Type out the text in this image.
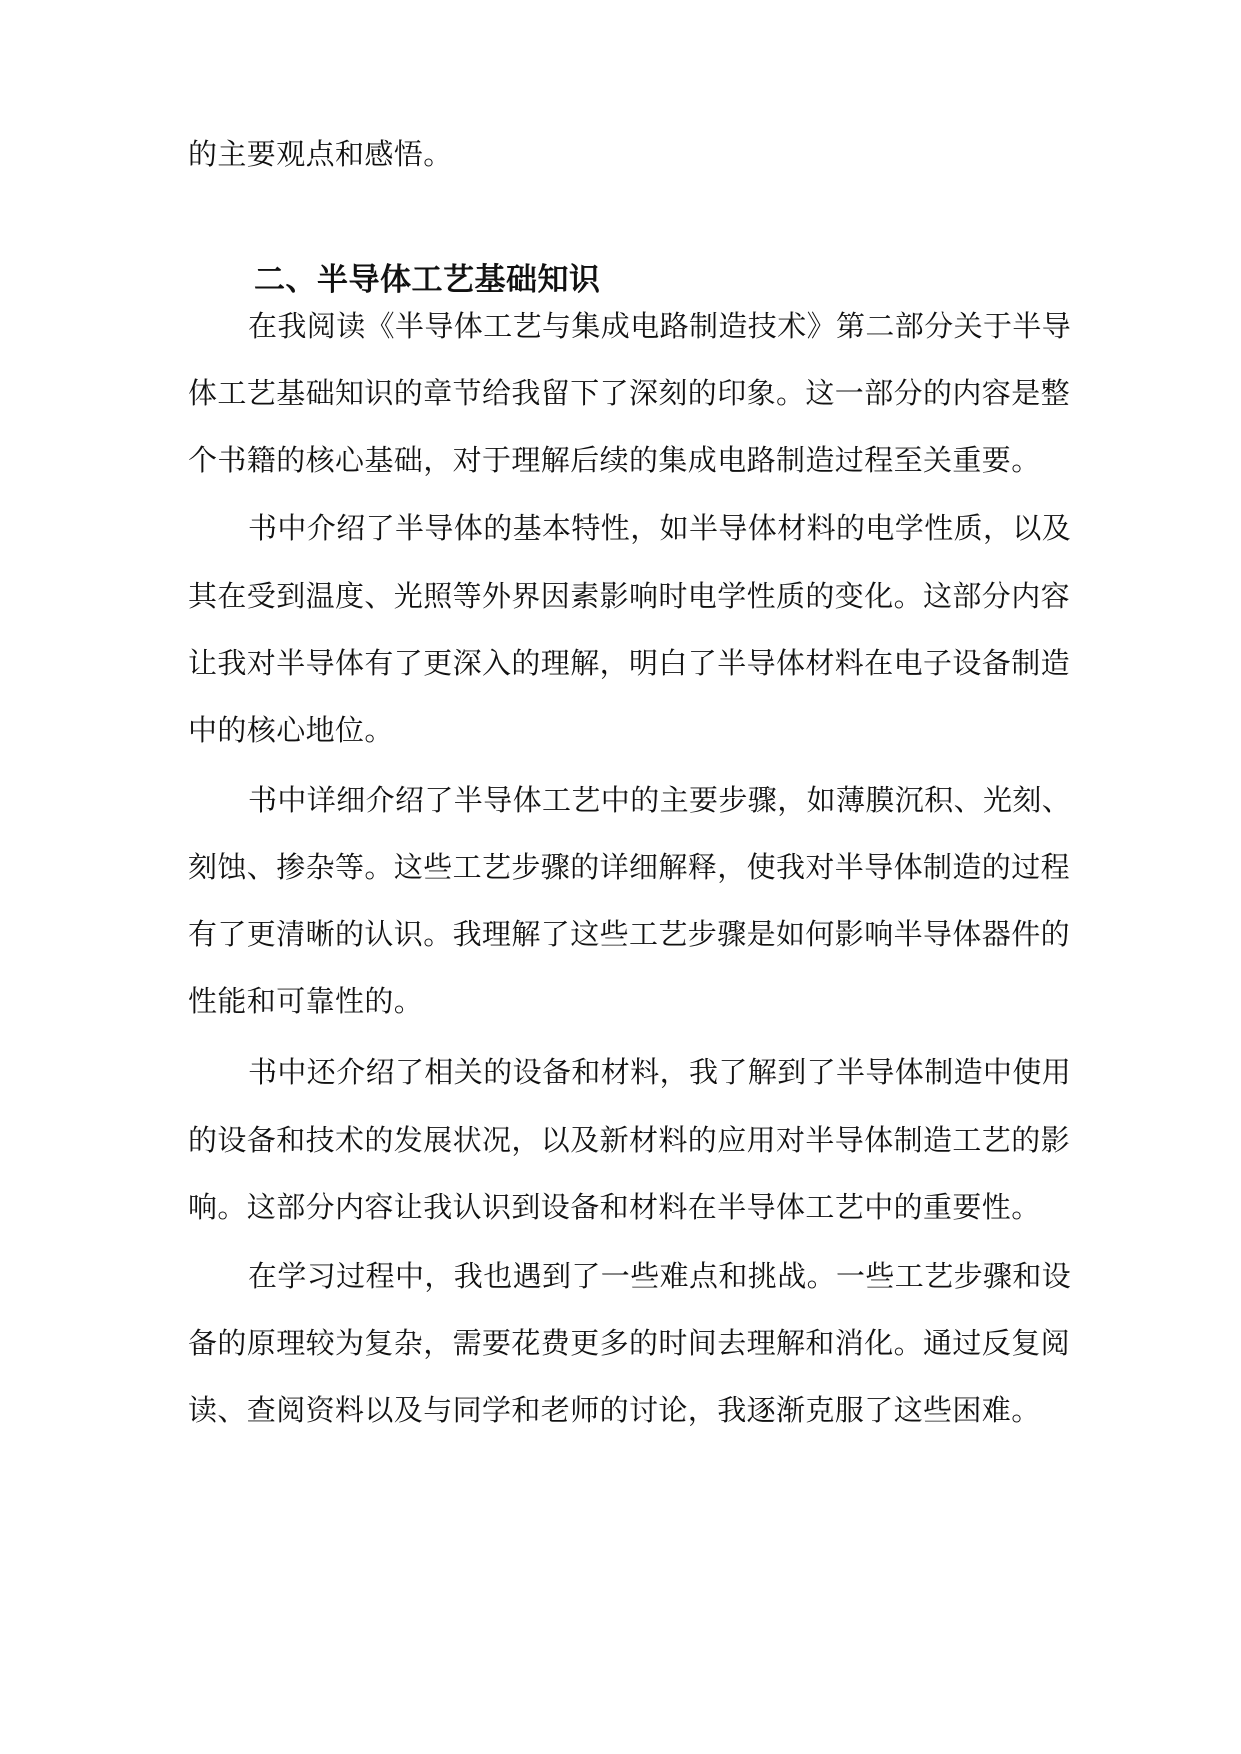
的主要观点和感悟。
二、半导体工艺基础知识
在我阅读《半导体工艺与集成电路制造技术》第二部分关于半导
体工艺基础知识的章节给我留下了深刻的印象。这一部分的内容是整
个书籍的核心基础，对于理解后续的集成电路制造过程至关重要。
书中介绍了半导体的基本特性，如半导体材料的电学性质，以及
其在受到温度、光照等外界因素影响时电学性质的变化。这部分内容
让我对半导体有了更深入的理解，明白了半导体材料在电子设备制造
中的核心地位。
书中详细介绍了半导体工艺中的主要步骤，如薄膜沉积、光刻、
刻蚀、掺杂等。这些工艺步骤的详细解释，使我对半导体制造的过程
有了更清晰的认识。我理解了这些工艺步骤是如何影响半导体器件的
性能和可靠性的。
书中还介绍了相关的设备和材料，我了解到了半导体制造中使用
的设备和技术的发展状况，以及新材料的应用对半导体制造工艺的影
响。这部分内容让我认识到设备和材料在半导体工艺中的重要性。
在学习过程中，我也遇到了一些难点和挑战。一些工艺步骤和设
备的原理较为复杂，需要花费更多的时间去理解和消化。通过反复阅
读、查阅资料以及与同学和老师的讨论，我逐渐克服了这些困难。
